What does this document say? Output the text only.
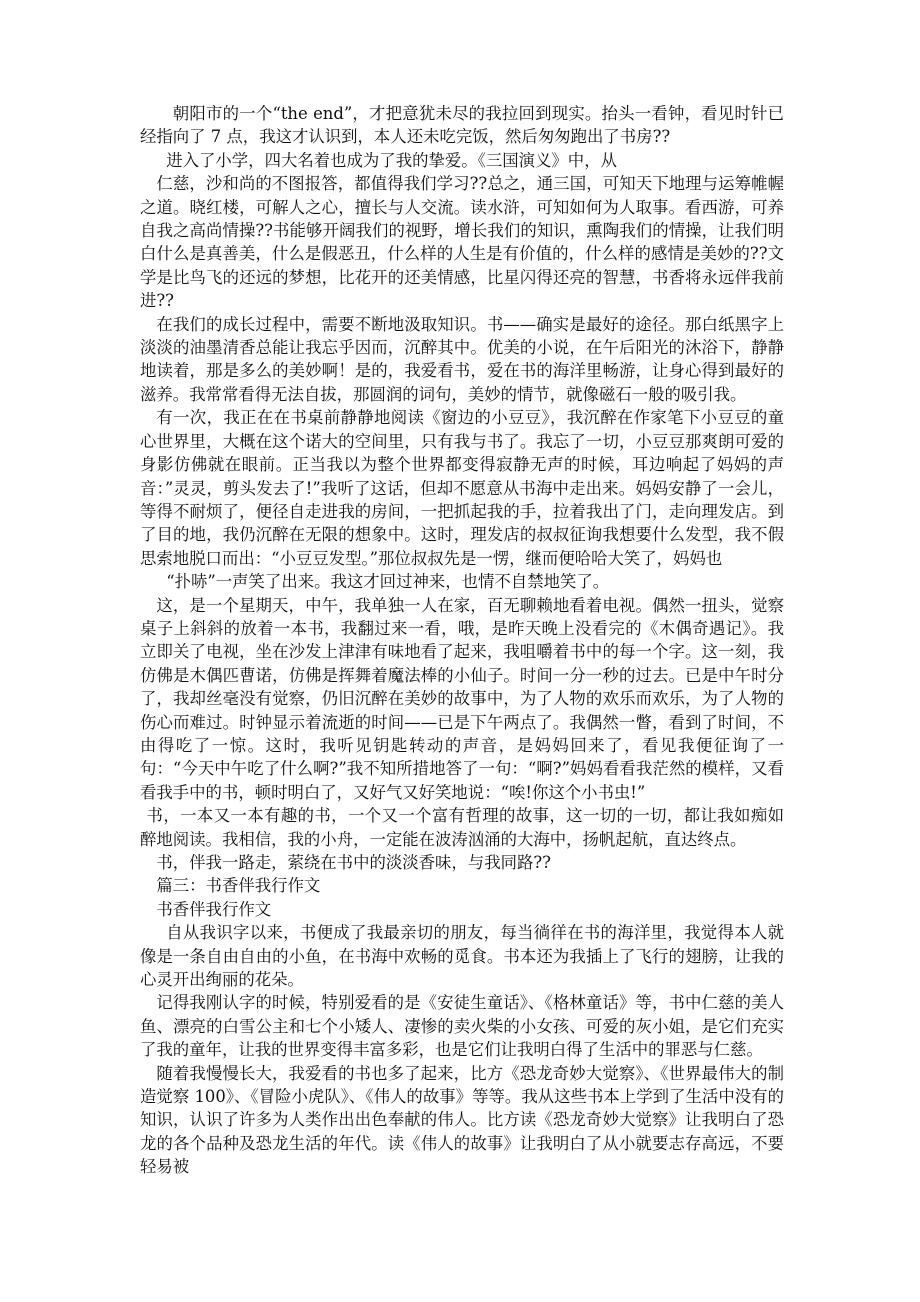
朝阳市的一个“the end”，才把意犹未尽的我拉回到现实。抬头一看钟，看见时针已经指向了 7 点，我这才认识到，本人还未吃完饭，然后匆匆跑出了书房??

进入了小学，四大名着也成为了我的挚爱。《三国演义》中，从

仁慈，沙和尚的不图报答，都值得我们学习??总之，通三国，可知天下地理与运筹帷幄之道。晓红楼，可解人之心，擅长与人交流。读水浒，可知如何为人取事。看西游，可养自我之高尚情操??书能够开阔我们的视野，增长我们的知识，熏陶我们的情操，让我们明白什么是真善美，什么是假恶丑，什么样的人生是有价值的，什么样的感情是美妙的??文学是比鸟飞的还远的梦想，比花开的还美情感，比星闪得还亮的智慧，书香将永远伴我前进??

在我们的成长过程中，需要不断地汲取知识。书——确实是最好的途径。那白纸黑字上淡淡的油墨清香总能让我忘乎因而，沉醉其中。优美的小说，在午后阳光的沐浴下，静静地读着，那是多么的美妙啊！是的，我爱看书，爱在书的海洋里畅游，让身心得到最好的滋养。我常常看得无法自拔，那圆润的词句，美妙的情节，就像磁石一般的吸引我。

有一次，我正在在书桌前静静地阅读《窗边的小豆豆》，我沉醉在作家笔下小豆豆的童心世界里，大概在这个诺大的空间里，只有我与书了。我忘了一切，小豆豆那爽朗可爱的身影仿佛就在眼前。正当我以为整个世界都变得寂静无声的时候，耳边响起了妈妈的声音：”灵灵，剪头发去了!”我听了这话，但却不愿意从书海中走出来。妈妈安静了一会儿，等得不耐烦了，便径自走进我的房间，一把抓起我的手，拉着我出了门，走向理发店。到了目的地，我仍沉醉在无限的想象中。这时，理发店的叔叔征询我想要什么发型，我不假思索地脱口而出：“小豆豆发型。”那位叔叔先是一愣，继而便哈哈大笑了，妈妈也

“扑哧”一声笑了出来。我这才回过神来，也情不自禁地笑了。

这，是一个星期天，中午，我单独一人在家，百无聊赖地看着电视。偶然一扭头，觉察桌子上斜斜的放着一本书，我翻过来一看，哦，是昨天晚上没看完的《木偶奇遇记》。我立即关了电视，坐在沙发上津津有味地看了起来，我咀嚼着书中的每一个字。这一刻，我仿佛是木偶匹曹诺，仿佛是挥舞着魔法棒的小仙子。时间一分一秒的过去。已是中午时分了，我却丝毫没有觉察，仍旧沉醉在美妙的故事中，为了人物的欢乐而欢乐，为了人物的伤心而难过。时钟显示着流逝的时间——已是下午两点了。我偶然一瞥，看到了时间，不由得吃了一惊。这时，我听见钥匙转动的声音，是妈妈回来了，看见我便征询了一句：“今天中午吃了什么啊?”我不知所措地答了一句：“啊?”妈妈看看我茫然的模样，又看看我手中的书，顿时明白了，又好气又好笑地说：“唉!你这个小书虫!”

书，一本又一本有趣的书，一个又一个富有哲理的故事，这一切的一切，都让我如痴如醉地阅读。我相信，我的小舟，一定能在波涛汹涌的大海中，扬帆起航，直达终点。

书，伴我一路走，萦绕在书中的淡淡香味，与我同路??

篇三：书香伴我行作文

书香伴我行作文

自从我识字以来，书便成了我最亲切的朋友，每当徜徉在书的海洋里，我觉得本人就像是一条自由自由的小鱼，在书海中欢畅的觅食。书本还为我插上了飞行的翅膀，让我的心灵开出绚丽的花朵。

记得我刚认字的时候，特别爱看的是《安徒生童话》、《格林童话》等，书中仁慈的美人鱼、漂亮的白雪公主和七个小矮人、凄惨的卖火柴的小女孩、可爱的灰小姐，是它们充实了我的童年，让我的世界变得丰富多彩，也是它们让我明白得了生活中的罪恶与仁慈。

随着我慢慢长大，我爱看的书也多了起来，比方《恐龙奇妙大觉察》、《世界最伟大的制造觉察 100》、《冒险小虎队》、《伟人的故事》等等。我从这些书本上学到了生活中没有的知识，认识了许多为人类作出出色奉献的伟人。比方读《恐龙奇妙大觉察》让我明白了恐龙的各个品种及恐龙生活的年代。读《伟人的故事》让我明白了从小就要志存高远，不要轻易被
